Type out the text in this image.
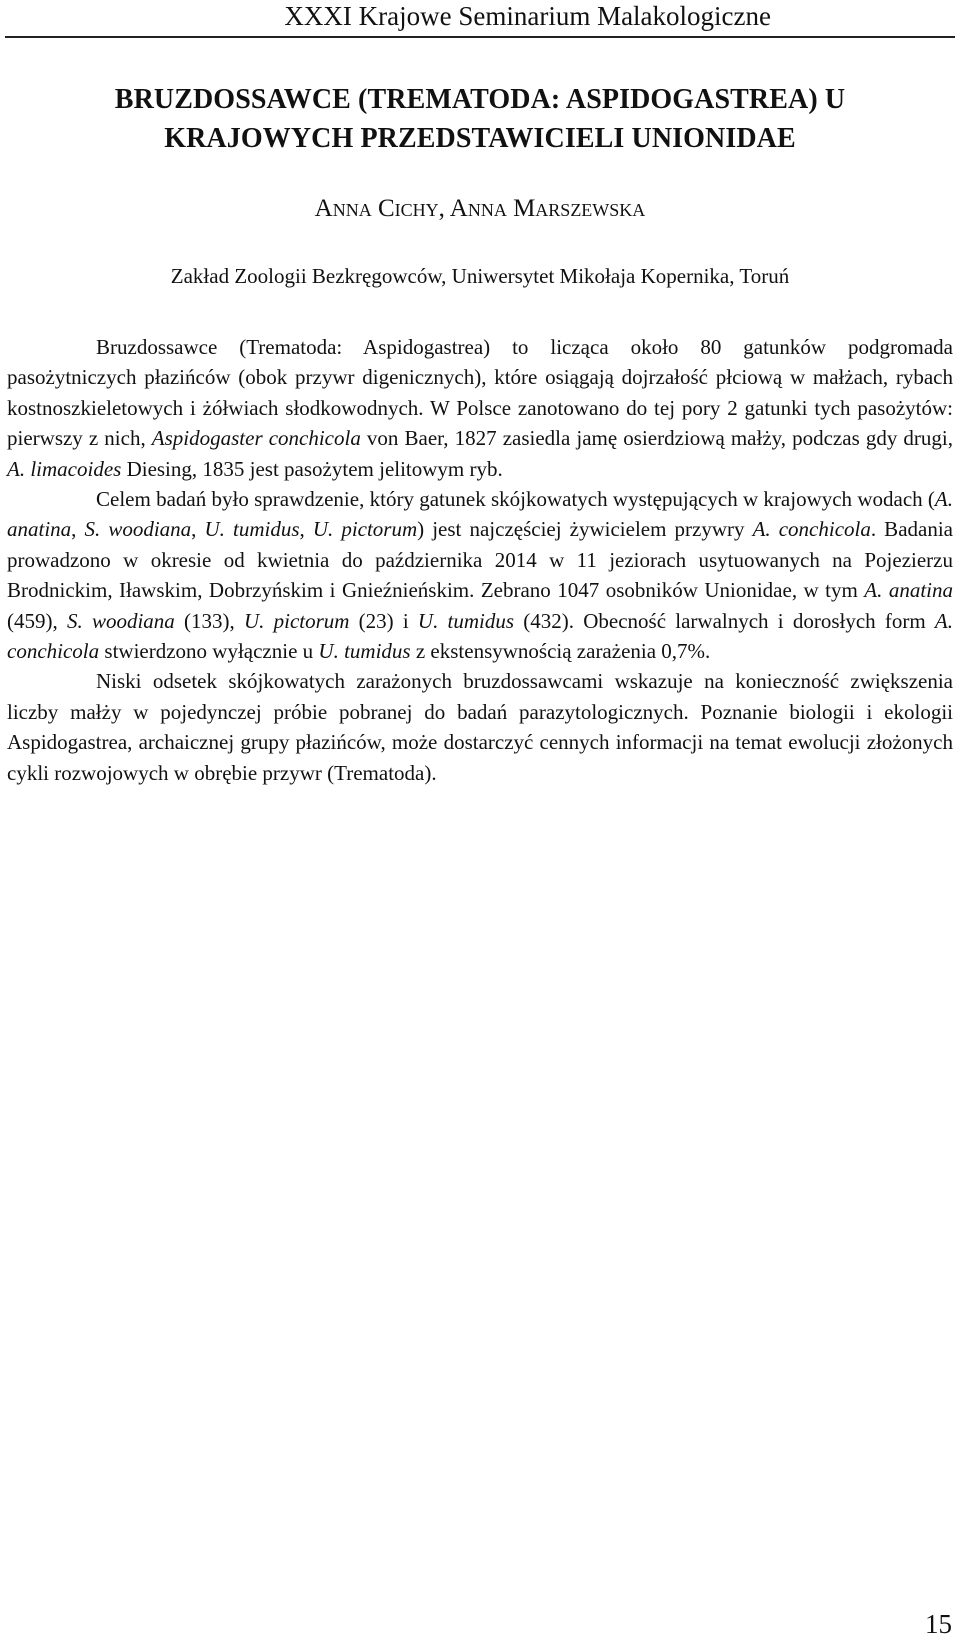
XXXI Krajowe Seminarium Malakologiczne
BRUZDOSSAWCE (TREMATODA: ASPIDOGASTREA) U
KRAJOWYCH PRZEDSTAWICIELI UNIONIDAE
Anna Cichy, Anna Marszewska
Zakład Zoologii Bezkręgowców, Uniwersytet Mikołaja Kopernika, Toruń

Bruzdossawce (Trematoda: Aspidogastrea) to licząca około 80 gatunków podgromada pasożytniczych płazińców (obok przywr digenicznych), które osiągają dojrzałość płciową w małżach, rybach kostnoszkieletowych i żółwiach słodkowodnych. W Polsce zanotowano do tej pory 2 gatunki tych pasożytów: pierwszy z nich, Aspidogaster conchicola von Baer, 1827 zasiedla jamę osierdziową małży, podczas gdy drugi, A. limacoides Diesing, 1835 jest pasożytem jelitowym ryb.

Celem badań było sprawdzenie, który gatunek skójkowatych występujących w krajowych wodach (A. anatina, S. woodiana, U. tumidus, U. pictorum) jest najczęściej żywicielem przywry A. conchicola. Badania prowadzono w okresie od kwietnia do października 2014 w 11 jeziorach usytuowanych na Pojezierzu Brodnickim, Iławskim, Dobrzyńskim i Gnieźnieńskim. Zebrano 1047 osobników Unionidae, w tym A. anatina (459), S. woodiana (133), U. pictorum (23) i U. tumidus (432). Obecność larwalnych i dorosłych form A. conchicola stwierdzono wyłącznie u U. tumidus z ekstensywnością zarażenia 0,7%.

Niski odsetek skójkowatych zarażonych bruzdossawcami wskazuje na konieczność zwiększenia liczby małży w pojedynczej próbie pobranej do badań parazytologicznych. Poznanie biologii i ekologii Aspidogastrea, archaicznej grupy płazińców, może dostarczyć cennych informacji na temat ewolucji złożonych cykli rozwojowych w obrębie przywr (Trematoda).

15
